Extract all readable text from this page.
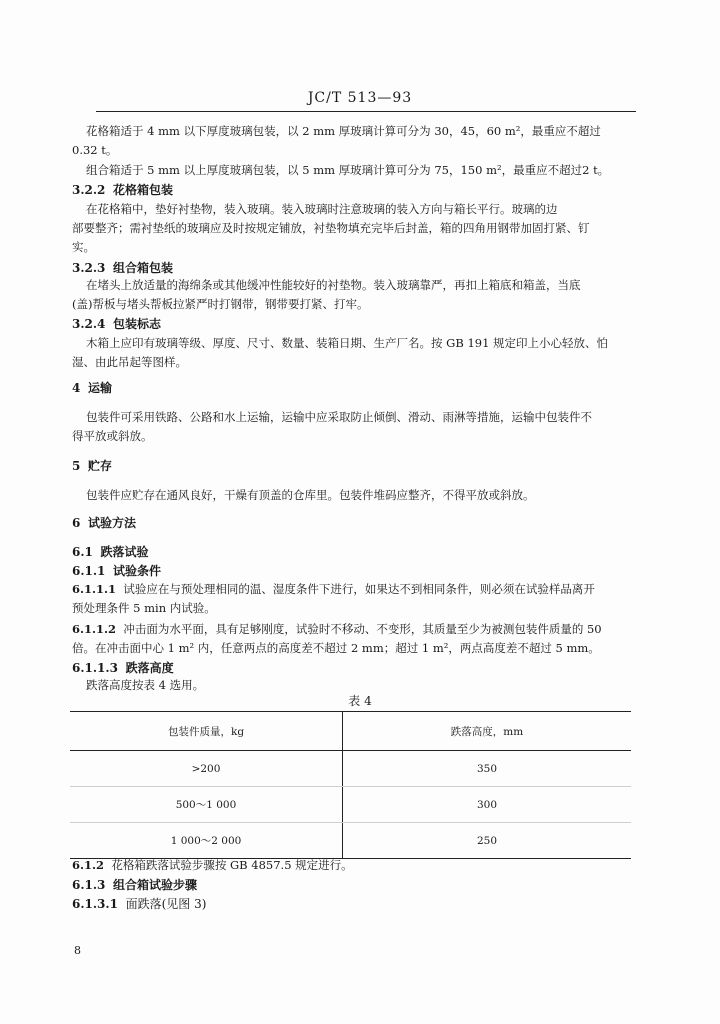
JC/T 513—93
花格箱适于 4 mm 以下厚度玻璃包装，以 2 mm 厚玻璃计算可分为 30，45，60 m²，最重应不超过
0.32 t。
组合箱适于 5 mm 以上厚度玻璃包装，以 5 mm 厚玻璃计算可分为 75，150 m²，最重应不超过2 t。
3.2.2 花格箱包装
在花格箱中，垫好衬垫物，装入玻璃。装入玻璃时注意玻璃的装入方向与箱长平行。玻璃的边
部要整齐；需衬垫纸的玻璃应及时按规定铺放，衬垫物填充完毕后封盖，箱的四角用钢带加固打紧、钉
实。
3.2.3 组合箱包装
在堵头上放适量的海绵条或其他缓冲性能较好的衬垫物。装入玻璃靠严，再扣上箱底和箱盖，当底
(盖)帮板与堵头帮板拉紧严时打钢带，钢带要打紧、打牢。
3.2.4 包装标志
木箱上应印有玻璃等级、厚度、尺寸、数量、装箱日期、生产厂名。按 GB 191 规定印上小心轻放、怕
湿、由此吊起等图样。
4 运输
包装件可采用铁路、公路和水上运输，运输中应采取防止倾倒、滑动、雨淋等措施，运输中包装件不
得平放或斜放。
5 贮存
包装件应贮存在通风良好，干燥有顶盖的仓库里。包装件堆码应整齐，不得平放或斜放。
6 试验方法
6.1 跌落试验
6.1.1 试验条件
6.1.1.1 试验应在与预处理相同的温、湿度条件下进行，如果达不到相同条件，则必须在试验样品离开
预处理条件 5 min 内试验。
6.1.1.2 冲击面为水平面，具有足够刚度，试验时不移动、不变形，其质量至少为被测包装件质量的 50
倍。在冲击面中心 1 m² 内，任意两点的高度差不超过 2 mm；超过 1 m²，两点高度差不超过 5 mm。
6.1.1.3 跌落高度
跌落高度按表 4 选用。
表 4
包装件质量，kg	跌落高度，mm
>200	350
500～1 000	300
1 000～2 000	250
6.1.2 花格箱跌落试验步骤按 GB 4857.5 规定进行。
6.1.3 组合箱试验步骤
6.1.3.1 面跌落(见图 3)
8
